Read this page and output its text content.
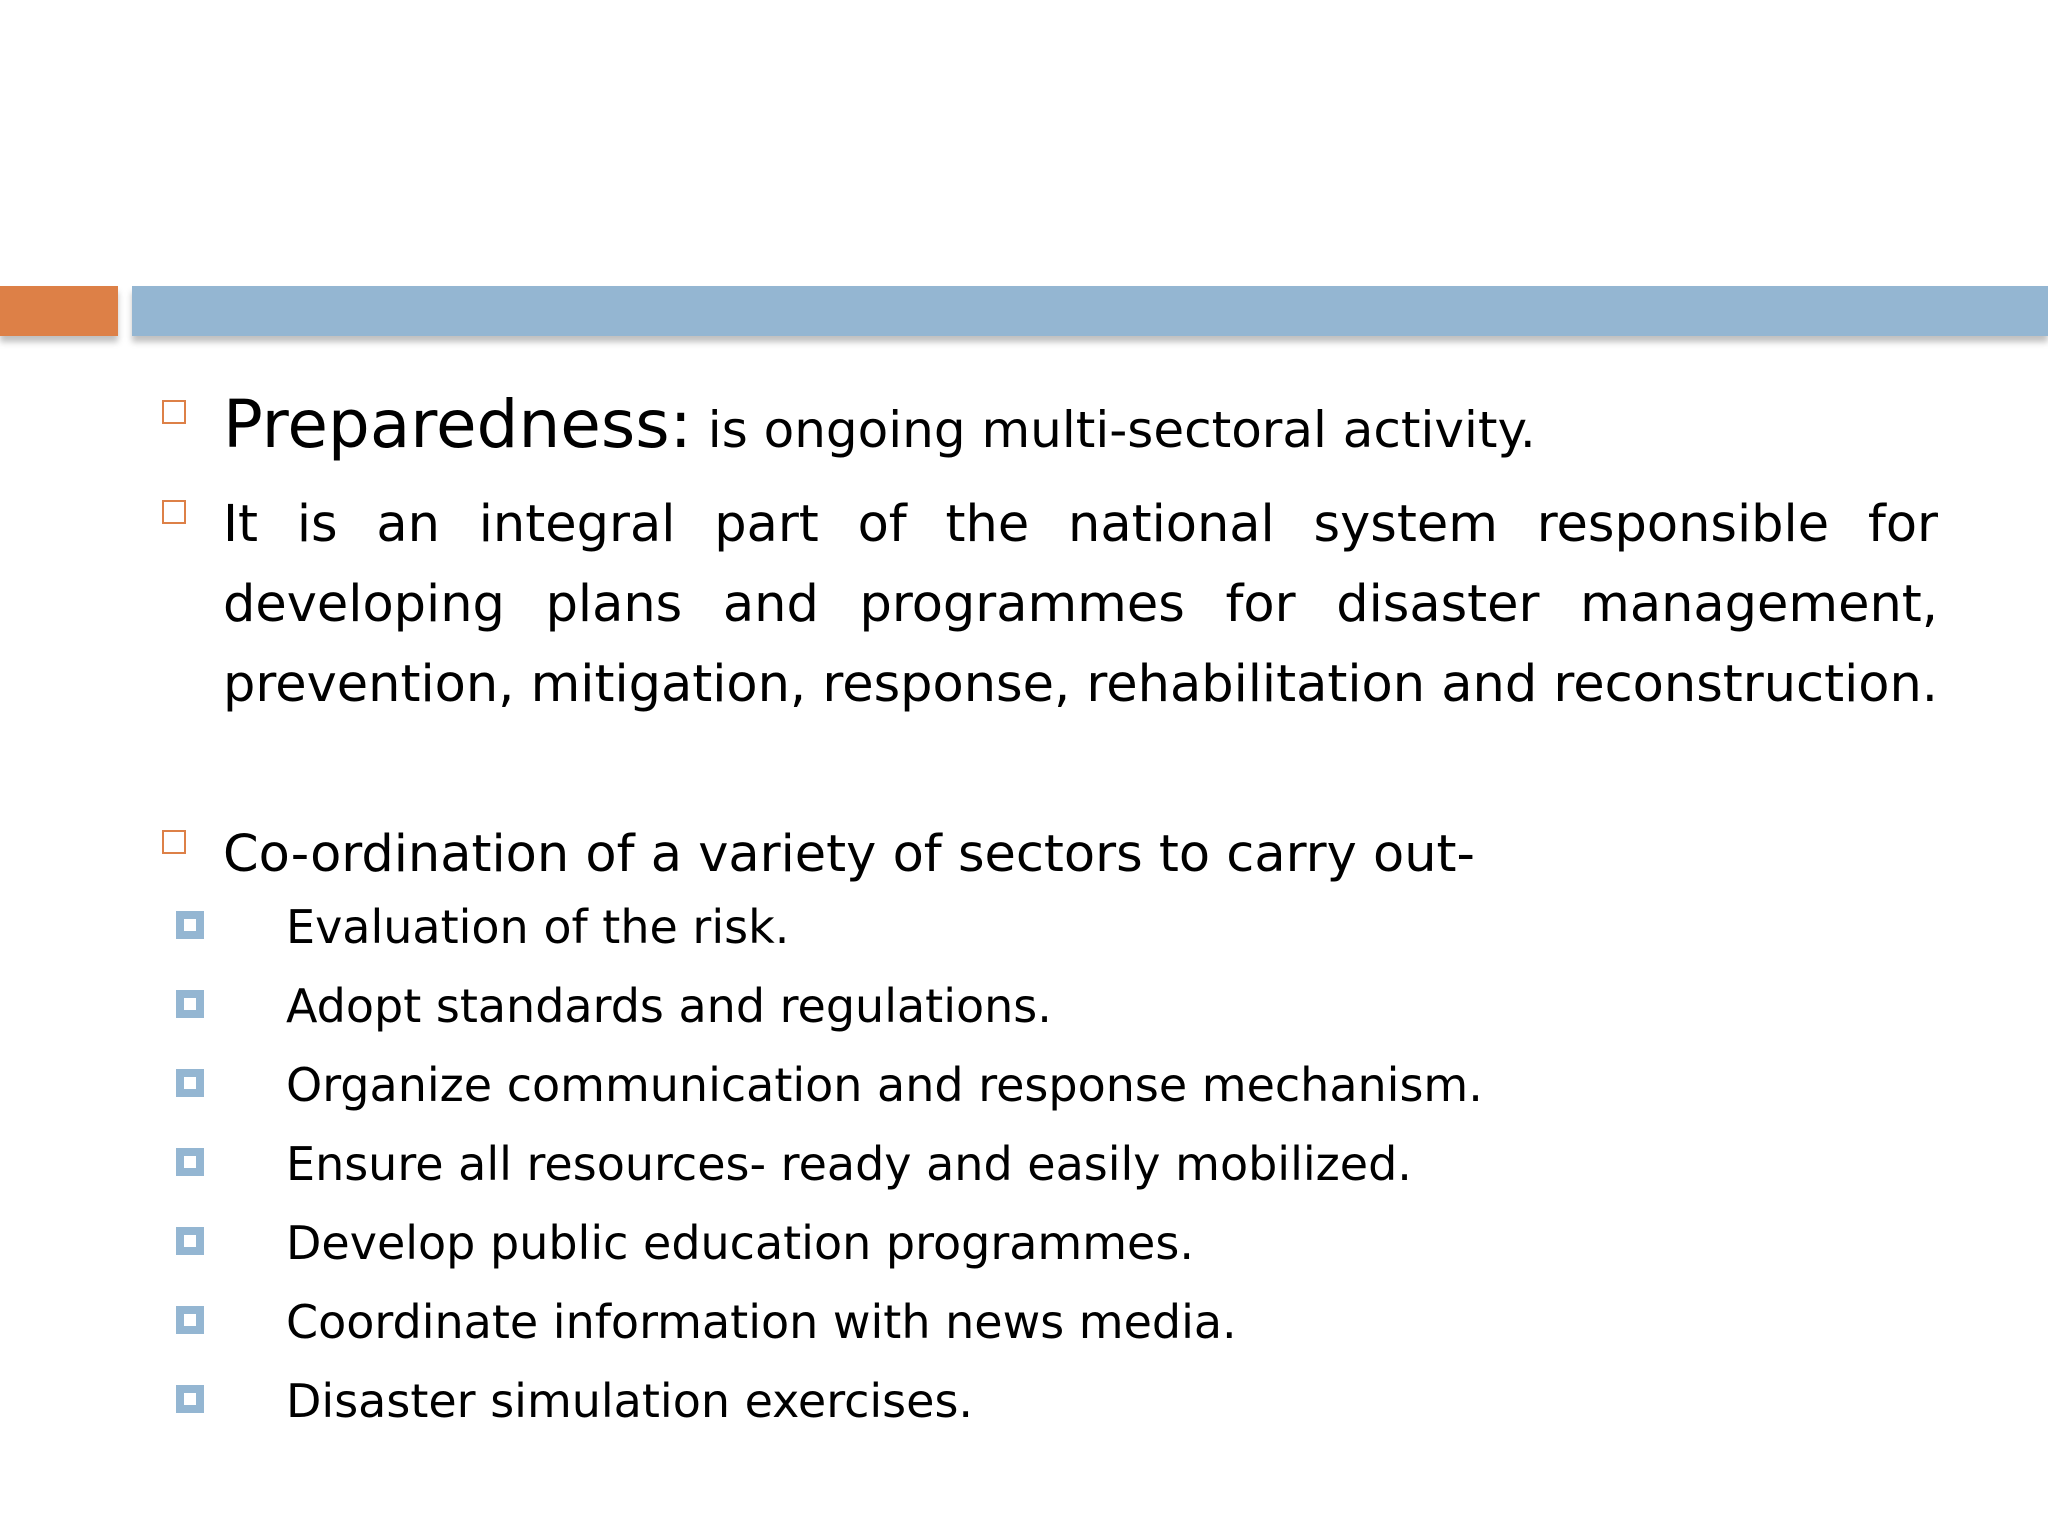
Preparedness: is ongoing multi-sectoral activity.
It is an integral part of the national system responsible for developing plans and programmes for disaster management, prevention, mitigation, response, rehabilitation and reconstruction.
Co-ordination of a variety of sectors to carry out-
Evaluation of the risk.
Adopt standards and regulations.
Organize communication and response mechanism.
Ensure all resources- ready and easily mobilized.
Develop public education programmes.
Coordinate information with news media.
Disaster simulation exercises.
